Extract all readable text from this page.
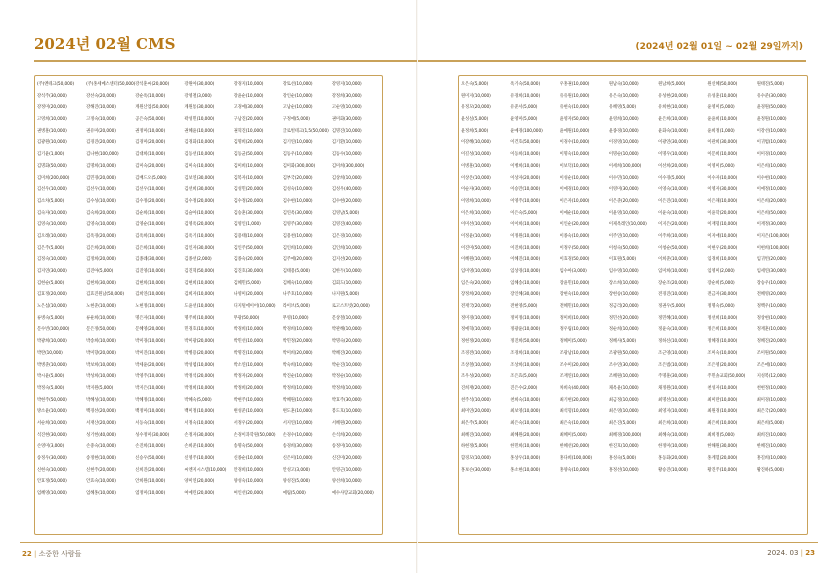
2024년 02월 CMS
(주)엔테크(50,000)	(주)홍세메스센터(50,000) 강석훈씨(20,000)	강원아(30,000)	강경지(10,000)	강토선(10,000)	강영지(10,000)
강석주(30,000)	강선숙(20,000)	강순옥(10,000)	강영철(3,000)	강윤순(10,000)	강인순(10,000)	강정희(30,000)
강정미(20,000)	강해진(10,000)	계원산업(50,000)	계원통(30,000)	고경예(30,000)	고남순(10,000)	고순영(10,000)
고영희(10,000)	고정숙(10,000)	공은숙(50,000)	곽성민(10,000)	구남진(20,000)	구정예(5,000)	권미화(30,000)
권병훈(10,000)	권유미(20,000)	권정미(10,000)	권혜윤(10,000)	권혁진(10,000)	글로벌테크(1,5(50,000) 김명진(10,000)
김광원(10,000)	김경진(20,000)	김경미(20,000)	김경화(10,000)	김명희(20,000)	김기연(10,000)	김기환(10,000)
김기윤(1,000)	김나현(100,000)	김대희(10,000)	김동선(10,000)	김동균(50,000)	김동우(10,000)	김동수(10,000)
김명화(50,000)	김명희(10,000)	김미숙(20,000)	김미숙(10,000)	김미희(10,000)	김미화(300,000)	김미희(300,000)
김미희(200,000)	김민경(20,000)	김배드오(5,000)	김보연(30,000)	김복자(10,000)	김부국(20,000)	김상희(10,000)
김선우(10,000)	김선우(10,000)	김선우(10,000)	김선희(30,000)	김성민(20,000)	김성숙(10,000)	김성우(40,000)
김소차(5,000)	김수성(10,000)	김수정(20,000)	김수정(20,000)	김수정(20,000)	김수현(10,000)	김수현(20,000)
김숙자(10,000)	김숙희(20,000)	김순희(10,000)	김슬아(10,000)	김승훈(30,000)	김연옥(30,000)	김영남(5,000)
김영숙(10,000)	김영숙(10,000)	김영순(10,000)	김영옥(20,000)	김영인(1,000)	김영주(30,000)	김영진(40,000)
김오례(10,000)	김옥경(20,000)	김옥희(10,000)	김옥기(10,000)	김용태(10,000)	김용천(10,000)	김은경(10,000)
김은주(5,000)	김은희(20,000)	김은희(10,000)	김인자(30,000)	김인주(50,000)	김인희(10,000)	김인희(10,000)
김정숙(10,000)	김정희(20,000)	김종례(30,000)	김종선(2,000)	김종숙(20,000)	김주예(20,000)	김지선(20,000)
김지연(30,000)	김진아(5,000)	김진영(10,000)	김진혁(50,000)	김진호(30,000)	김태용(5,000)	김한두(10,000)
김현순(5,000)	김현희(30,000)	김현희(10,000)	김현희(10,000)	김혜민(5,000)	김혜숙(10,000)	김회도(10,000)
김효정(20,000)	김효진원남(50,000)	김희연(10,000)	김희자(10,000)	나영미(20,000)	나주호(10,000)	나지원(5,000)
노은섭(10,000)	노현준(10,000)	노현정(10,000)	도윤선(10,000)	디지털에이어(10,000)	라이브(5,000)	로고스트빗(20,000)
류병숙(5,000)	류운희(10,000)	명은자(10,000)	명주희(10,000)	무광(50,000)	무영(10,000)	문상철(10,000)
문수빈(100,000)	문은정(50,000)	문혜영(20,000)	민경호(10,000)	박경희(10,000)	박경희(10,000)	박관해(10,000)
박광희(10,000)	박송희(10,000)	박미경(10,000)	박미광(20,000)	박민선(10,000)	박민정(20,000)	박명숙(20,000)
박란(10,000)	박미향(20,000)	박미진(10,000)	박병용(20,000)	박명진(10,000)	박미희(20,000)	박혜진(20,000)
박병준(10,000)	박보희(10,000)	박세윤(20,000)	박성엽(10,000)	박소연(10,000)	박숙희(10,000)	박순진(10,000)
박시윤(5,000)	박성희(10,000)	박영주(10,000)	박정석(20,000)	박정자(20,000)	박진순(10,000)	박정순(10,000)
박정숙(5,000)	박지원(5,000)	박지은(10,000)	박정희(10,000)	박정희(20,000)	박정희(10,000)	박정희(10,000)
박현주(50,000)	박혜성(10,000)	박혜정(10,000)	박혜숙(5,000)	박현주(10,000)	박혜원(10,000)	박효주(30,000)
방소윤(10,000)	백경선(20,000)	백정미(10,000)	백미정(10,000)	변성준(10,000)	변도훈(10,000)	봉도호(10,000)
서순희(10,000)	서재산(20,000)	서동숙(10,000)	서정숙(10,000)	서정우(20,000)	서지연(10,000)	서혜원(20,000)
석진현(30,000)	성기헌(40,000)	성수정미(30,000)	손정자(30,000)	손경이과학원(50,000)	손경수(10,000)	손석희(20,000)
손영미(3,000)	손중숙(10,000)	손진희(10,000)	손희준(10,000)	송명숙(50,000)	송경희(30,000)	송정미(10,000)
송정우(30,000)	송정현(10,000)	신승우(50,000)	신영주(10,000)	신종순(10,000)	신은미(10,000)	신진미(20,000)
신현숙(10,000)	신현주(20,000)	신희진(20,000)	씨엔지시스템(10,000)	안경희(10,000)	안성고(3,000)	안영근(10,000)
안효정(50,000)	안효숙(10,000)	안희원(10,000)	양미연(20,000)	양성숙(10,000)	양성진(5,000)	양선희(10,000)
엄혜영(10,000)	엄혜홍(10,000)	염정미(10,000)	여예린(20,000)	여인선(20,000)	예림(5,000)	예수사랑교회(20,000)
22 | 소중한 사람들
(2024년 02월 01일 ~ 02월 29일까지)
오은숙(5,000)	옥기숙(50,000)	우홍권(10,000)	원남숙(10,000)	원남희(5,000)	원신혜(50,000)	원태진(5,000)
원미지(10,000)	유경희(10,000)	유유원(10,000)	유은숙(10,000)	유성현(20,000)	유성훈(10,000)	유수준(30,000)
유정모(20,000)	유준서(5,000)	유현숙(10,000)	유혜영(5,000)	유희현(10,000)	윤영미(5,000)	윤경원(50,000)
윤성실(5,000)	윤영미(5,000)	윤영자(50,000)	윤영희(10,000)	윤은희(10,000)	윤윤희(10,000)	윤정원(10,000)
윤정희(5,000)	윤예경(100,000)	윤예원(10,000)	윤종경(10,000)	윤화숙(10,000)	윤희정(1,000)	이강선(10,000)
이강혜(10,000)	이건호(50,000)	이경수(10,000)	이경영(10,000)	이광연(30,000)	이관희(30,000)	이귀범(10,000)
이길성(10,000)	이동희(10,000)	이명숙(10,000)	이명순(10,000)	이명우(10,000)	이문희(10,000)	이미경(10,000)
이병훈(10,000)	이병희(10,000)	이보덕(10,000)	이세희(100,000)	이선희(20,000)	이영미(5,000)	이은희(10,000)
이상온(10,000)	이상자(20,000)	이성순(10,000)	이수민(10,000)	이수경(5,000)	이수자(10,000)	이수현(10,000)
이순자(30,000)	이승만(10,000)	이예경(10,000)	이영미(30,000)	이영숙(10,000)	이영자(30,000)	이예정(10,000)
이영희(10,000)	이영주(10,000)	이은자(10,000)	이은준(20,000)	이은진(10,000)	이은채(10,000)	이은희(20,000)
이은희(10,000)	이은숙(5,000)	이예순(10,000)	이윤영(10,000)	이윤숙(10,000)	이윤학(20,000)	이은희(50,000)
이미선(10,000)	이이희(10,000)	이인순(20,000)	이제옥레인(10,000)	이지은(20,000)	이재형(10,000)	이재정(30,000)
이정윤(10,000)	이정원(10,000)	이종숙(10,000)	이주연(10,000)	이주희(10,000)	이지애(10,000)	이지은(100,000)
이진미(50,000)	이진희(10,000)	이정우(50,000)	이청숙(50,000)	이청순(50,000)	이현우(20,000)	이현희(100,000)
이혜원(10,000)	이혜진(10,000)	이효경(50,000)	이효원(5,000)	이희준(10,000)	임경희(10,000)	임귀빈(20,000)
임미영(10,000)	임상경(10,000)	임수아(3,000)	임수영(10,000)	임미희(10,000)	임영미(2,000)	임세연(30,000)
임은숙(20,000)	임혜송(10,000)	장윤민(10,000)	장소희(10,000)	장순조(20,000)	장순희(5,000)	장승우(10,000)
장정희(20,000)	장인혜(30,000)	장현숙(10,000)	장현승(10,000)	전경진(10,000)	전금자(30,000)	전혜영(20,000)
전재국(20,000)	전현영(5,000)	전혜민(10,000)	정금리(20,000)	정권우(5,000)	정명숙(5,000)	정백우(10,000)
정미경(10,000)	정미정(10,000)	정미희(10,000)	정민선(20,000)	정민혜(10,000)	정선희(10,000)	정상현(10,000)
정예혁(10,000)	정광윤(10,000)	정우림(10,000)	정순희(10,000)	정윤숙(10,000)	정은희(10,000)	정재훈(10,000)
정현정(20,000)	정진희(50,000)	정혜미(5,000)	정혜사(5,000)	정하신(10,000)	정혜경(10,000)	정혜진(20,000)
조경전(10,000)	조경희(10,000)	조광남(10,000)	조광원(50,000)	조근영(10,000)	조미숙(10,000)	조미원(50,000)
조상철(10,000)	조상희(10,000)	조수미(20,000)	조수연(30,000)	조은범(10,000)	조은영(20,000)	조은애(10,000)
조우성(20,000)	조은효(5,000)	조재연(10,000)	조혜원(10,000)	주명훈(30,000)	주민솔교회(50,000)	지성복(12,000)
진희재(20,000)	진은수(2,000)	차희숙(40,000)	채옥윤(10,000)	채정원(10,000)	천성자(10,000)	천현정(10,000)
천주석(10,000)	천희숙(10,000)	최기현(20,000)	최금정(10,000)	최명선(10,000)	최미란(10,000)	최미경(10,000)
최미연(20,000)	최보영(10,000)	최석형(10,000)	최은영(10,000)	최영지(10,000)	최원경(10,000)	최은국(20,000)
최은주(5,000)	최은숙(10,000)	최은숙(10,000)	최은진(5,000)	최은희(10,000)	최은희(10,000)	최은희(5,000)
최혜진(10,000)	최혜원(20,000)	최혜미(5,000)	최혜경(100,000)	최혜숙(10,000)	최희정(5,000)	최희진(10,000)
하현정(5,000)	한민희(10,000)	한혜선(20,000)	한진호(10,000)	한정미(10,000)	한해원(30,000)	한혜진(10,000)
함경모(10,000)	홍상우(10,000)	홍다희(100,000)	홍성숙(5,000)	홍동화(20,000)	홍계혈(20,000)	홍길희(10,000)
홍보슨(30,000)	홍소현(10,000)	홍양숙(10,000)	홍정선(10,000)	황승진(10,000)	황진주(10,000)	황진하(5,000)
2024. 03 | 23
